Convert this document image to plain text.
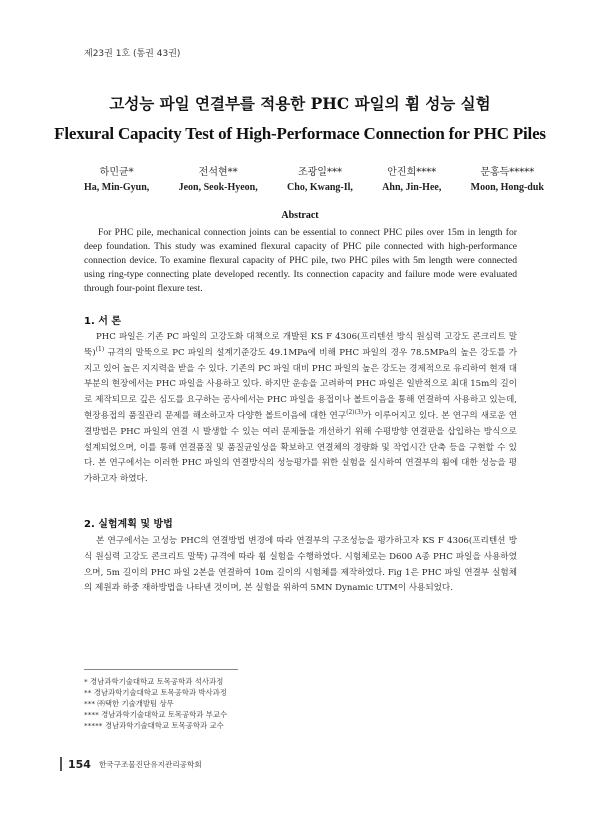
제23권 1호 (통권 43권)
고성능 파일 연결부를 적용한 PHC 파일의 휨 성능 실험
Flexural Capacity Test of High-Performace Connection for PHC Piles
하민균*
Ha, Min-Gyun,
전석현**
Jeon, Seok-Hyeon,
조광일***
Cho, Kwang-Il,
안진희****
Ahn, Jin-Hee,
문홍득*****
Moon, Hong-duk
Abstract
For PHC pile, mechanical connection joints can be essential to connect PHC piles over 15m in length for deep foundation. This study was examined flexural capacity of PHC pile connected with high-performance connection device. To examine flexural capacity of PHC pile, two PHC piles with 5m length were connected using ring-type connecting plate developed recently. Its connection capacity and failure mode were evaluated through four-point flexure test.
1. 서 론
PHC 파일은 기존 PC 파일의 고강도화 대책으로 개발된 KS F 4306(프리텐션 방식 원심력 고강도 콘크리트 말뚝)$^{(1)}$ 규격의 말뚝으로 PC 파일의 설계기준강도 49.1MPa에 비해 PHC 파일의 경우 78.5MPa의 높은 강도를 가지고 있어 높은 지지력을 받을 수 있다. 기존의 PC 파일 대비 PHC 파일의 높은 강도는 경제적으로 유리하여 현재 대부분의 현장에서는 PHC 파일을 사용하고 있다. 하지만 운송을 고려하여 PHC 파일은 일반적으로 최대 15m의 길이로 제작되므로 깊은 심도를 요구하는 공사에서는 PHC 파일을 용접이나 볼트이음을 통해 연결하여 사용하고 있는데, 현장용접의 품질관리 문제를 해소하고자 다양한 볼트이음에 대한 연구$^{(2)(3)}$가 이루어지고 있다. 본 연구의 새로운 연결방법은 PHC 파일의 연결 시 발생할 수 있는 여러 문제들을 개선하기 위해 수평방향 연결판을 삽입하는 방식으로 설계되었으며, 이를 통해 연결품질 및 품질균일성을 확보하고 연결체의 경량화 및 작업시간 단축 등을 구현할 수 있다. 본 연구에서는 이러한 PHC 파일의 연결방식의 성능평가를 위한 실험을 실시하여 연결부의 휨에 대한 성능을 평가하고자 하였다.
2. 실험계획 및 방법
본 연구에서는 고성능 PHC의 연결방법 변경에 따라 연결부의 구조성능을 평가하고자 KS F 4306(프리텐션 방식 원심력 고강도 콘크리트 말뚝) 규격에 따라 휨 실험을 수행하였다. 시험체로는 D600 A종 PHC 파일을 사용하였으며, 5m 길이의 PHC 파일 2본을 연결하여 10m 길이의 시험체를 제작하였다. Fig 1은 PHC 파일 연결부 실험체의 제원과 하중 재하방법을 나타낸 것이며, 본 실험을 위하여 5MN Dynamic UTM이 사용되었다.
* 경남과학기술대학교 토목공학과 석사과정
** 경남과학기술대학교 토목공학과 박사과정
*** ㈜택한 기술개발팀 상무
**** 경남과학기술대학교 토목공학과 부교수
***** 경남과학기술대학교 토목공학과 교수
154 한국구조물진단유지관리공학회
